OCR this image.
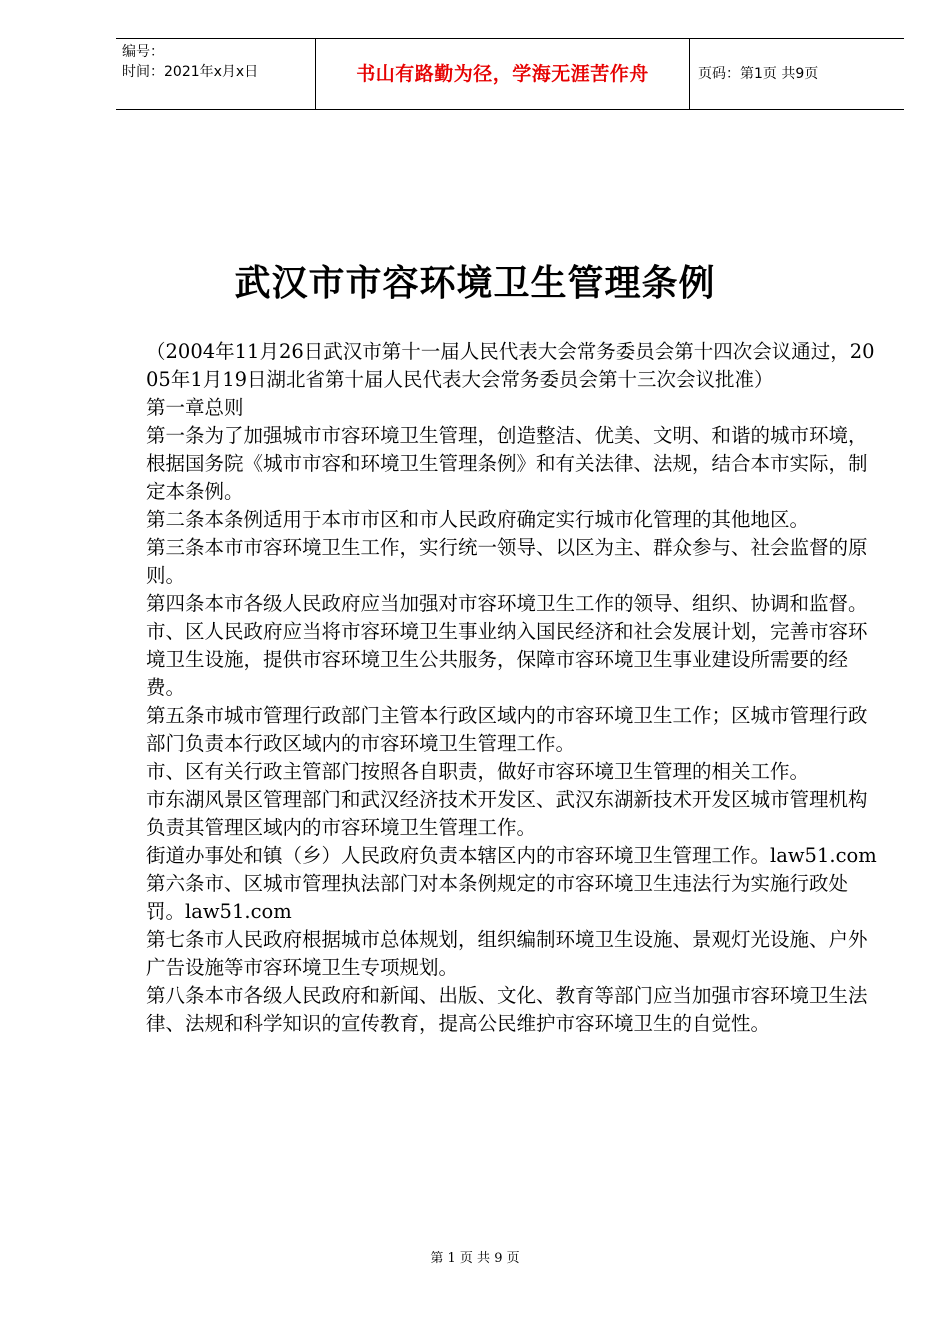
编号：
时间：2021年x月x日	书山有路勤为径，学海无涯苦作舟	页码：第1页 共9页
武汉市市容环境卫生管理条例

（2004年11月26日武汉市第十一届人民代表大会常务委员会第十四次会议通过，2005年1月19日湖北省第十届人民代表大会常务委员会第十三次会议批准）

第一章总则

第一条为了加强城市市容环境卫生管理，创造整洁、优美、文明、和谐的城市环境，根据国务院《城市市容和环境卫生管理条例》和有关法律、法规，结合本市实际，制定本条例。

第二条本条例适用于本市市区和市人民政府确定实行城市化管理的其他地区。

第三条本市市容环境卫生工作，实行统一领导、以区为主、群众参与、社会监督的原则。

第四条本市各级人民政府应当加强对市容环境卫生工作的领导、组织、协调和监督。

市、区人民政府应当将市容环境卫生事业纳入国民经济和社会发展计划，完善市容环境卫生设施，提供市容环境卫生公共服务，保障市容环境卫生事业建设所需要的经费。

第五条市城市管理行政部门主管本行政区域内的市容环境卫生工作；区城市管理行政部门负责本行政区域内的市容环境卫生管理工作。

市、区有关行政主管部门按照各自职责，做好市容环境卫生管理的相关工作。

市东湖风景区管理部门和武汉经济技术开发区、武汉东湖新技术开发区城市管理机构负责其管理区域内的市容环境卫生管理工作。

街道办事处和镇（乡）人民政府负责本辖区内的市容环境卫生管理工作。law51.com

第六条市、区城市管理执法部门对本条例规定的市容环境卫生违法行为实施行政处罚。law51.com

第七条市人民政府根据城市总体规划，组织编制环境卫生设施、景观灯光设施、户外广告设施等市容环境卫生专项规划。

第八条本市各级人民政府和新闻、出版、文化、教育等部门应当加强市容环境卫生法律、法规和科学知识的宣传教育，提高公民维护市容环境卫生的自觉性。

第 1 页 共 9 页
